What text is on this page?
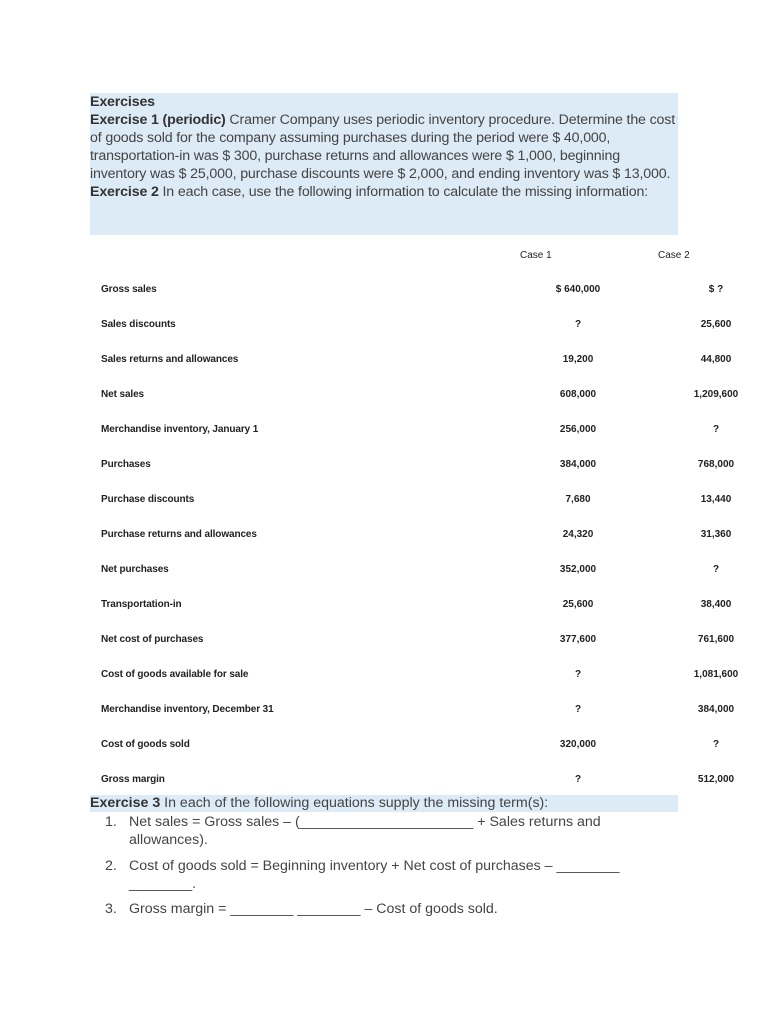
Exercises

Exercise 1 (periodic) Cramer Company uses periodic inventory procedure. Determine the cost of goods sold for the company assuming purchases during the period were $ 40,000, transportation-in was $ 300, purchase returns and allowances were $ 1,000, beginning inventory was $ 25,000, purchase discounts were $ 2,000, and ending inventory was $ 13,000.

Exercise 2 In each case, use the following information to calculate the missing information:

Case 1	Case 2
Gross sales	$ 640,000	$ ?
Sales discounts	?	25,600
Sales returns and allowances	19,200	44,800
Net sales	608,000	1,209,600
Merchandise inventory, January 1	256,000	?
Purchases	384,000	768,000
Purchase discounts	7,680	13,440
Purchase returns and allowances	24,320	31,360
Net purchases	352,000	?
Transportation-in	25,600	38,400
Net cost of purchases	377,600	761,600
Cost of goods available for sale	?	1,081,600
Merchandise inventory, December 31	?	384,000
Cost of goods sold	320,000	?
Gross margin	?	512,000

Exercise 3 In each of the following equations supply the missing term(s):

1. Net sales = Gross sales – (______________________ + Sales returns and allowances).
2. Cost of goods sold = Beginning inventory + Net cost of purchases – ________ ________.
3. Gross margin = ________ ________ – Cost of goods sold.
